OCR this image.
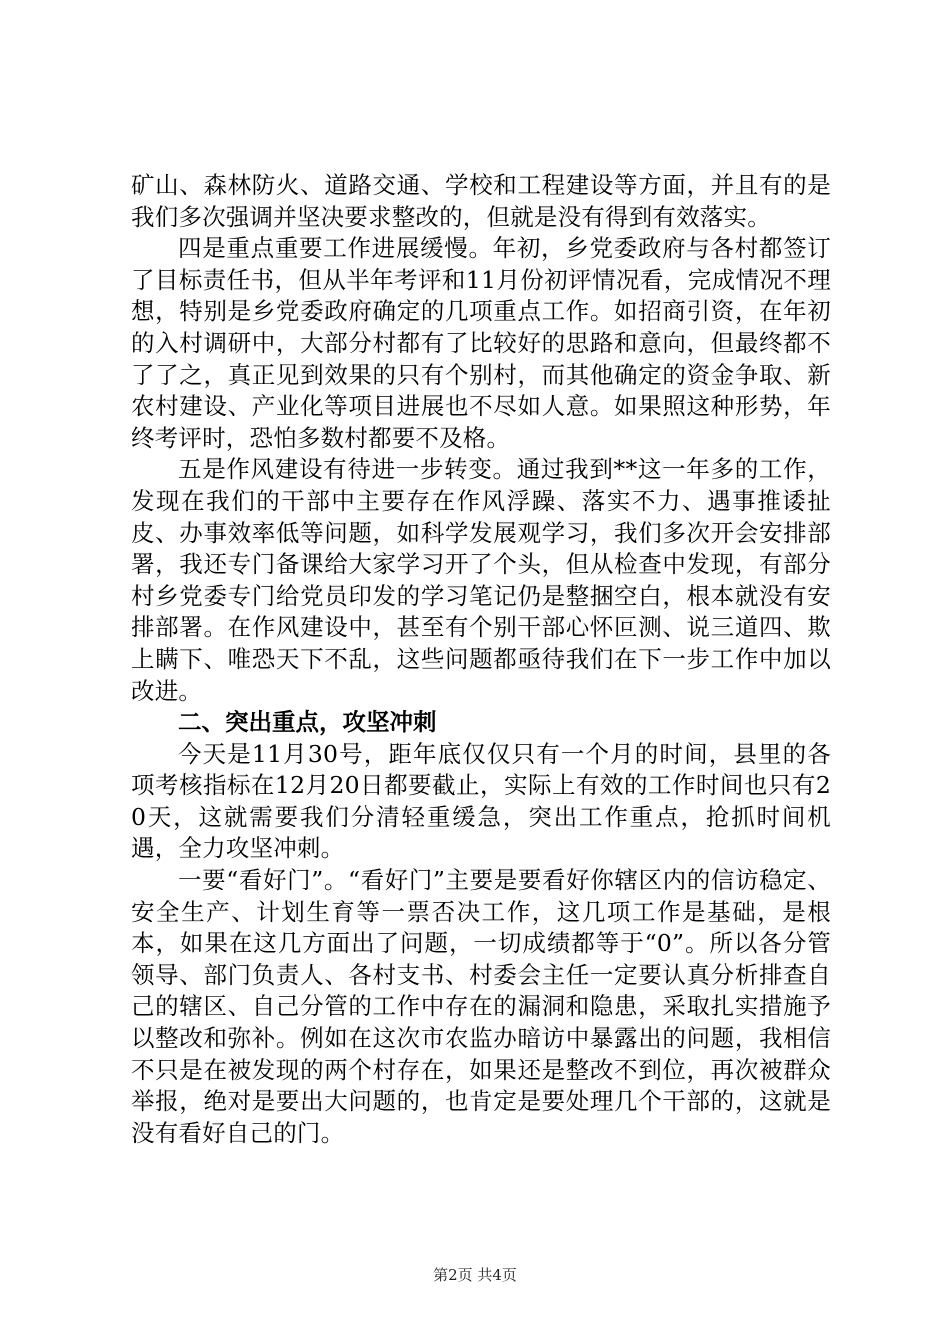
矿山、森林防火、道路交通、学校和工程建设等方面，并且有的是我们多次强调并坚决要求整改的，但就是没有得到有效落实。

四是重点重要工作进展缓慢。年初，乡党委政府与各村都签订了目标责任书，但从半年考评和11月份初评情况看，完成情况不理想，特别是乡党委政府确定的几项重点工作。如招商引资，在年初的入村调研中，大部分村都有了比较好的思路和意向，但最终都不了了之，真正见到效果的只有个别村，而其他确定的资金争取、新农村建设、产业化等项目进展也不尽如人意。如果照这种形势，年终考评时，恐怕多数村都要不及格。

五是作风建设有待进一步转变。通过我到**这一年多的工作，发现在我们的干部中主要存在作风浮躁、落实不力、遇事推诿扯皮、办事效率低等问题，如科学发展观学习，我们多次开会安排部署，我还专门备课给大家学习开了个头，但从检查中发现，有部分村乡党委专门给党员印发的学习笔记仍是整捆空白，根本就没有安排部署。在作风建设中，甚至有个别干部心怀叵测、说三道四、欺上瞒下、唯恐天下不乱，这些问题都亟待我们在下一步工作中加以改进。

二、突出重点，攻坚冲刺

今天是11月30号，距年底仅仅只有一个月的时间，县里的各项考核指标在12月20日都要截止，实际上有效的工作时间也只有20天，这就需要我们分清轻重缓急，突出工作重点，抢抓时间机遇，全力攻坚冲刺。

一要“看好门”。“看好门”主要是要看好你辖区内的信访稳定、安全生产、计划生育等一票否决工作，这几项工作是基础，是根本，如果在这几方面出了问题，一切成绩都等于“0”。所以各分管领导、部门负责人、各村支书、村委会主任一定要认真分析排查自己的辖区、自己分管的工作中存在的漏洞和隐患，采取扎实措施予以整改和弥补。例如在这次市农监办暗访中暴露出的问题，我相信不只是在被发现的两个村存在，如果还是整改不到位，再次被群众举报，绝对是要出大问题的，也肯定是要处理几个干部的，这就是没有看好自己的门。

第2页 共4页
